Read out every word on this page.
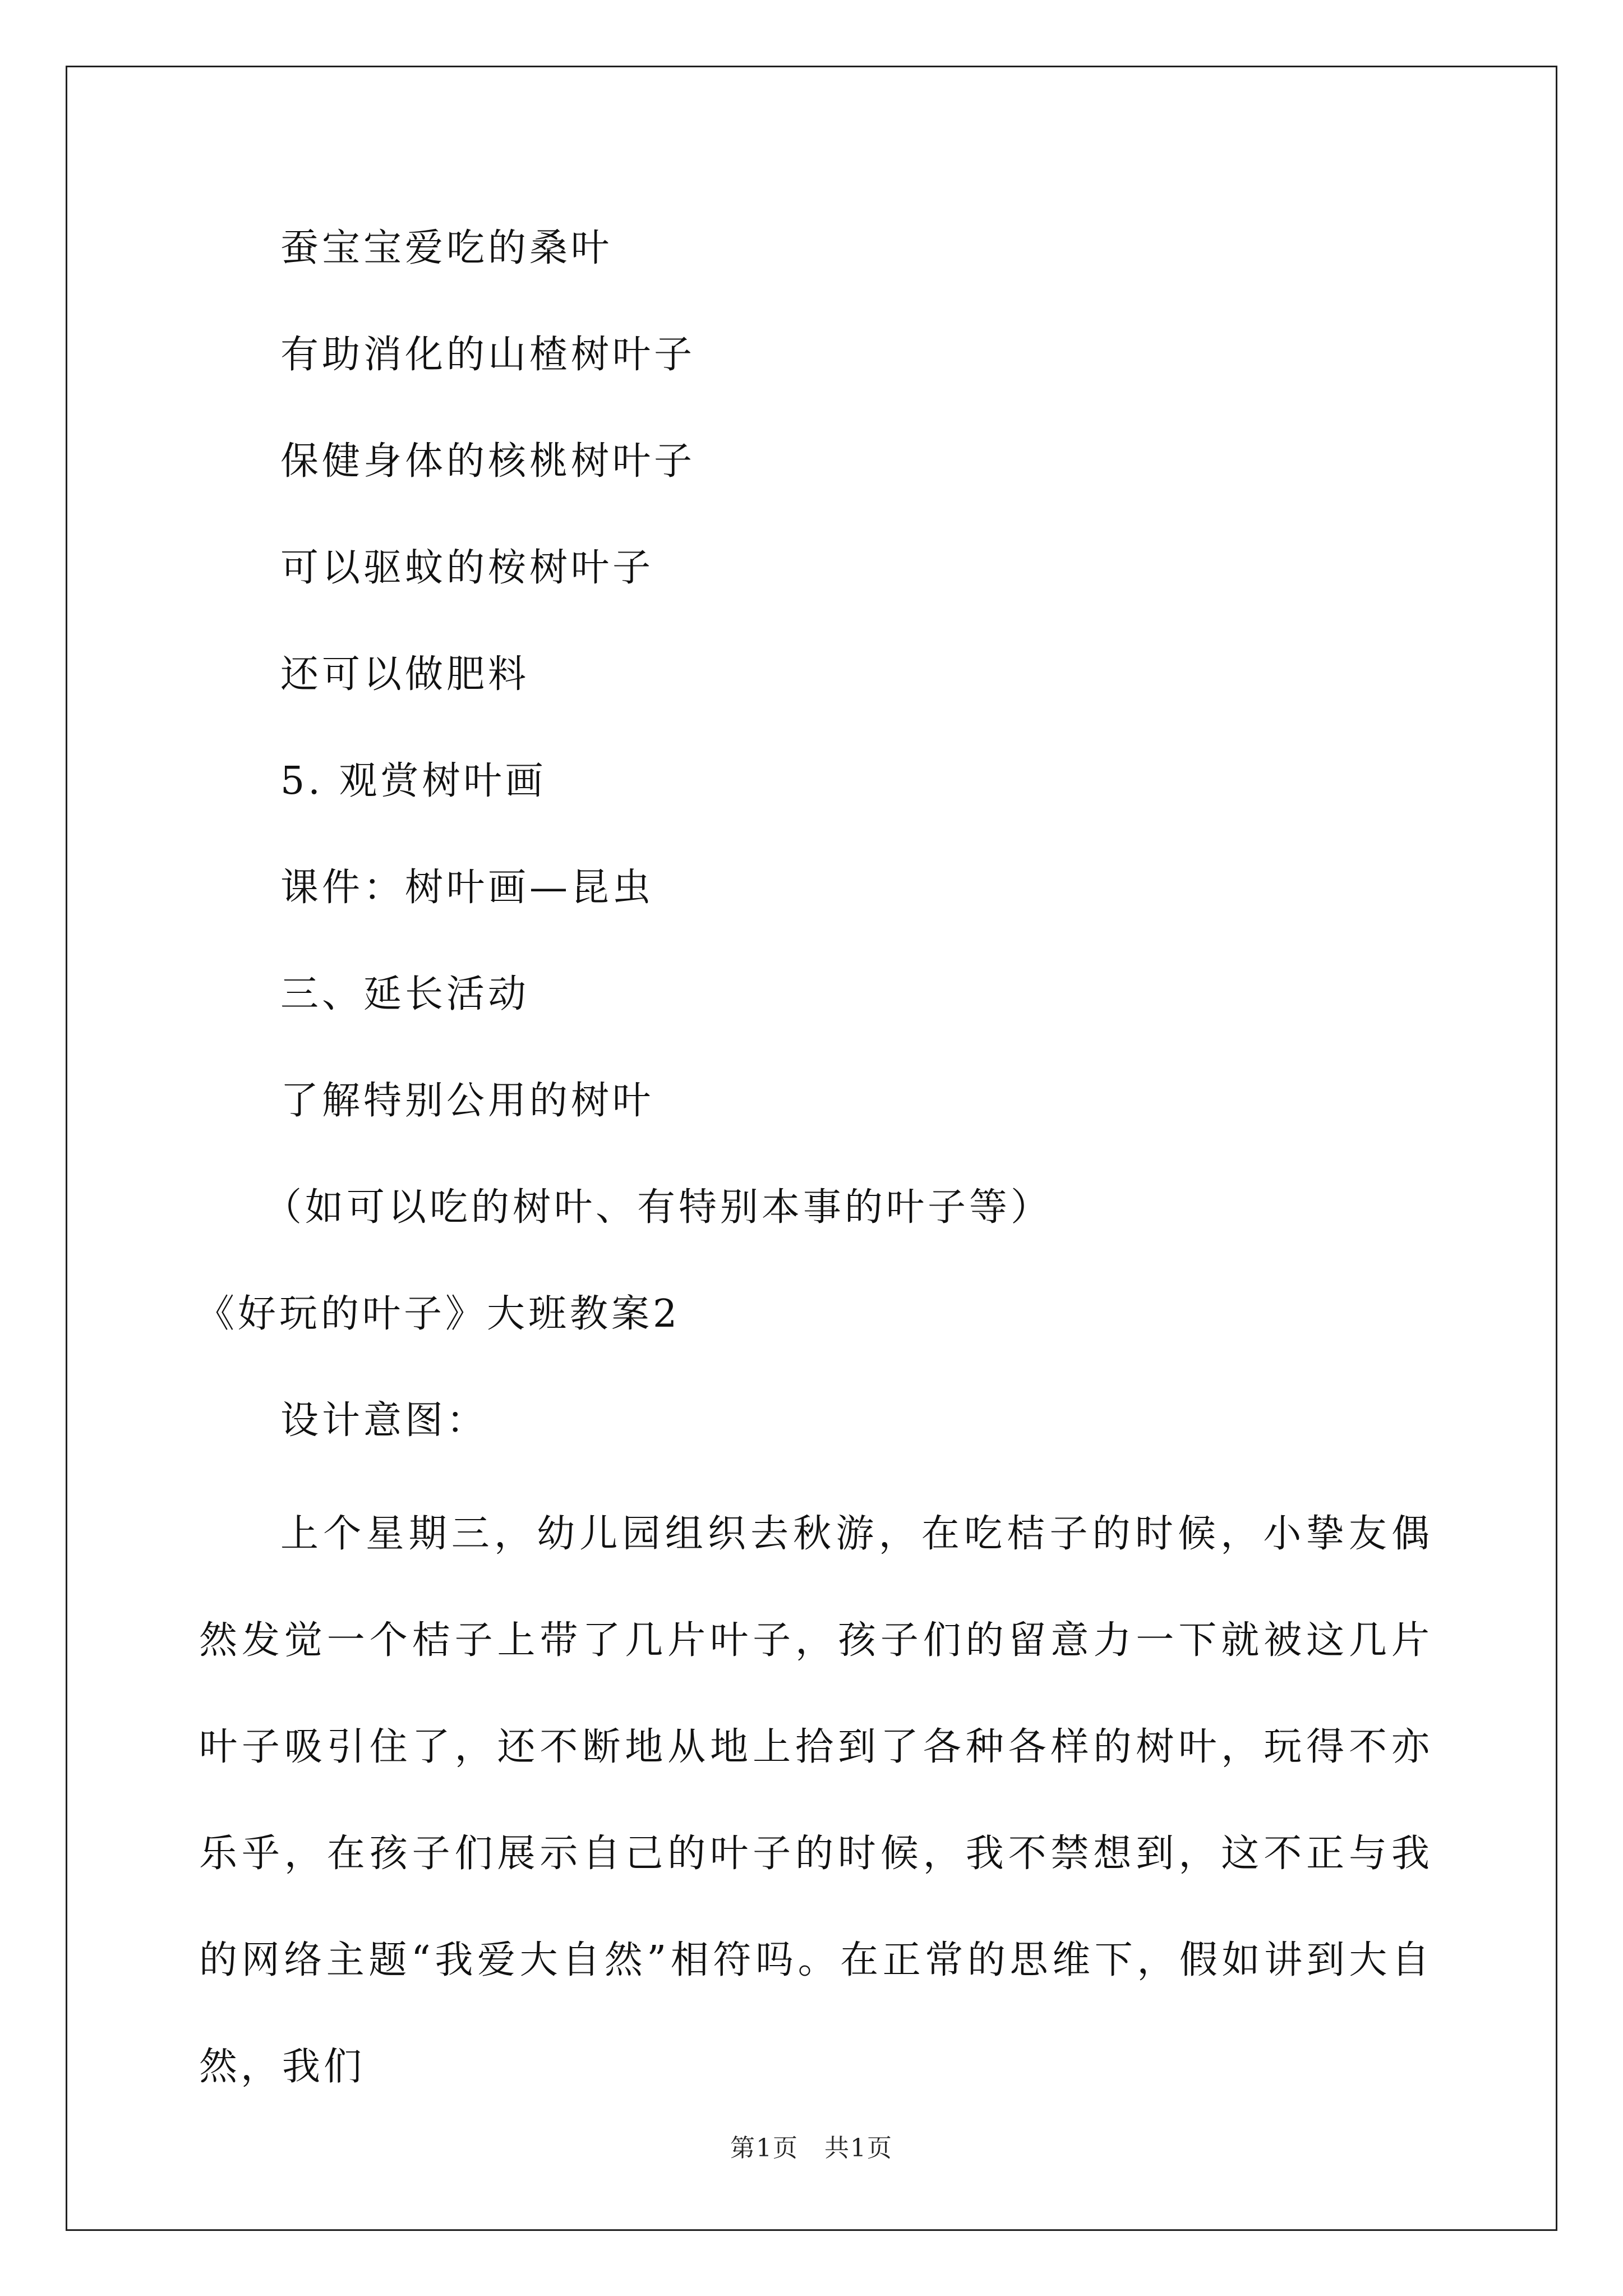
蚕宝宝爱吃的桑叶
有助消化的山楂树叶子
保健身体的核桃树叶子
可以驱蚊的桉树叶子
还可以做肥料
5. 观赏树叶画
课件：树叶画—昆虫
三、延长活动
了解特别公用的树叶
（如可以吃的树叶、有特别本事的叶子等）
《好玩的叶子》大班教案2
设计意图：
上个星期三，幼儿园组织去秋游，在吃桔子的时候，小挚友偶然发觉一个桔子上带了几片叶子，孩子们的留意力一下就被这几片叶子吸引住了，还不断地从地上拾到了各种各样的树叶，玩得不亦乐乎，在孩子们展示自己的叶子的时候，我不禁想到，这不正与我的网络主题“我爱大自然”相符吗。在正常的思维下，假如讲到大自然，我们
第1页　共1页
